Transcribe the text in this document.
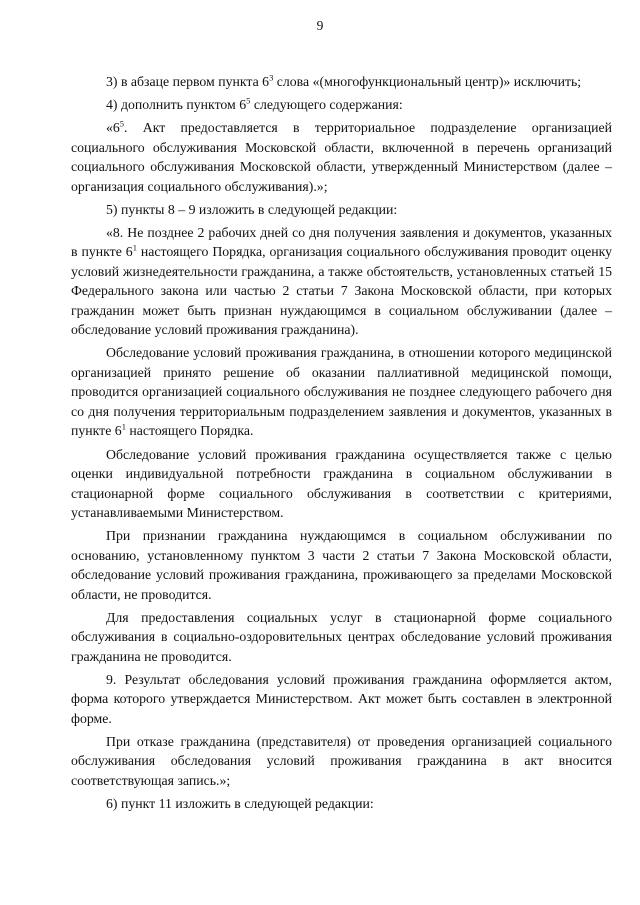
9

3) в абзаце первом пункта $6^3$ слова «(многофункциональный центр)» исключить;

4) дополнить пунктом $6^5$ следующего содержания:

«$6^5$. Акт предоставляется в территориальное подразделение организацией социального обслуживания Московской области, включенной в перечень организаций социального обслуживания Московской области, утвержденный Министерством (далее – организация социального обслуживания).»;

5) пункты 8 – 9 изложить в следующей редакции:

«8. Не позднее 2 рабочих дней со дня получения заявления и документов, указанных в пункте $6^1$ настоящего Порядка, организация социального обслуживания проводит оценку условий жизнедеятельности гражданина, а также обстоятельств, установленных статьей 15 Федерального закона или частью 2 статьи 7 Закона Московской области, при которых гражданин может быть признан нуждающимся в социальном обслуживании (далее – обследование условий проживания гражданина).

Обследование условий проживания гражданина, в отношении которого медицинской организацией принято решение об оказании паллиативной медицинской помощи, проводится организацией социального обслуживания не позднее следующего рабочего дня со дня получения территориальным подразделением заявления и документов, указанных в пункте $6^1$ настоящего Порядка.

Обследование условий проживания гражданина осуществляется также с целью оценки индивидуальной потребности гражданина в социальном обслуживании в стационарной форме социального обслуживания в соответствии с критериями, устанавливаемыми Министерством.

При признании гражданина нуждающимся в социальном обслуживании по основанию, установленному пунктом 3 части 2 статьи 7 Закона Московской области, обследование условий проживания гражданина, проживающего за пределами Московской области, не проводится.

Для предоставления социальных услуг в стационарной форме социального обслуживания в социально-оздоровительных центрах обследование условий проживания гражданина не проводится.

9. Результат обследования условий проживания гражданина оформляется актом, форма которого утверждается Министерством. Акт может быть составлен в электронной форме.

При отказе гражданина (представителя) от проведения организацией социального обслуживания обследования условий проживания гражданина в акт вносится соответствующая запись.»;

6) пункт 11 изложить в следующей редакции:
